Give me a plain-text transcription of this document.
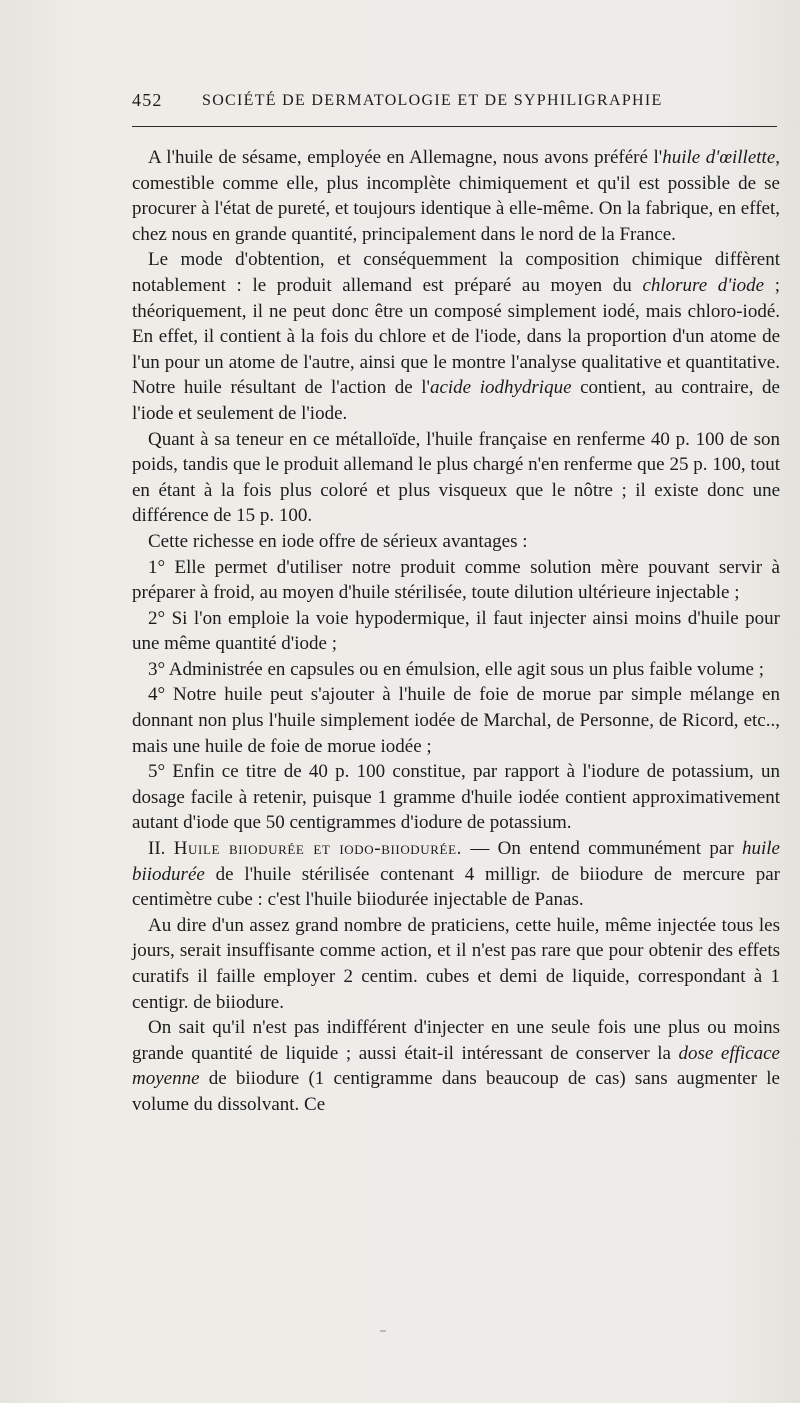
452 SOCIÉTÉ DE DERMATOLOGIE ET DE SYPHILIGRAPHIE

A l'huile de sésame, employée en Allemagne, nous avons préféré l'huile d'œillette, comestible comme elle, plus incomplète chimiquement et qu'il est possible de se procurer à l'état de pureté, et toujours identique à elle-même. On la fabrique, en effet, chez nous en grande quantité, principalement dans le nord de la France.

Le mode d'obtention, et conséquemment la composition chimique diffèrent notablement : le produit allemand est préparé au moyen du chlorure d'iode ; théoriquement, il ne peut donc être un composé simplement iodé, mais chloro-iodé. En effet, il contient à la fois du chlore et de l'iode, dans la proportion d'un atome de l'un pour un atome de l'autre, ainsi que le montre l'analyse qualitative et quantitative. Notre huile résultant de l'action de l'acide iodhydrique contient, au contraire, de l'iode et seulement de l'iode.

Quant à sa teneur en ce métalloïde, l'huile française en renferme 40 p. 100 de son poids, tandis que le produit allemand le plus chargé n'en renferme que 25 p. 100, tout en étant à la fois plus coloré et plus visqueux que le nôtre ; il existe donc une différence de 15 p. 100.

Cette richesse en iode offre de sérieux avantages :

1° Elle permet d'utiliser notre produit comme solution mère pouvant servir à préparer à froid, au moyen d'huile stérilisée, toute dilution ultérieure injectable ;

2° Si l'on emploie la voie hypodermique, il faut injecter ainsi moins d'huile pour une même quantité d'iode ;

3° Administrée en capsules ou en émulsion, elle agit sous un plus faible volume ;

4° Notre huile peut s'ajouter à l'huile de foie de morue par simple mélange en donnant non plus l'huile simplement iodée de Marchal, de Personne, de Ricord, etc.., mais une huile de foie de morue iodée ;

5° Enfin ce titre de 40 p. 100 constitue, par rapport à l'iodure de potassium, un dosage facile à retenir, puisque 1 gramme d'huile iodée contient approximativement autant d'iode que 50 centigrammes d'iodure de potassium.

II. Huile biiodurée et iodo-biiodurée. — On entend communément par huile biiodurée de l'huile stérilisée contenant 4 milligr. de biiodure de mercure par centimètre cube : c'est l'huile biiodurée injectable de Panas.

Au dire d'un assez grand nombre de praticiens, cette huile, même injectée tous les jours, serait insuffisante comme action, et il n'est pas rare que pour obtenir des effets curatifs il faille employer 2 centim. cubes et demi de liquide, correspondant à 1 centigr. de biiodure.

On sait qu'il n'est pas indifférent d'injecter en une seule fois une plus ou moins grande quantité de liquide ; aussi était-il intéressant de conserver la dose efficace moyenne de biiodure (1 centigramme dans beaucoup de cas) sans augmenter le volume du dissolvant. Ce
